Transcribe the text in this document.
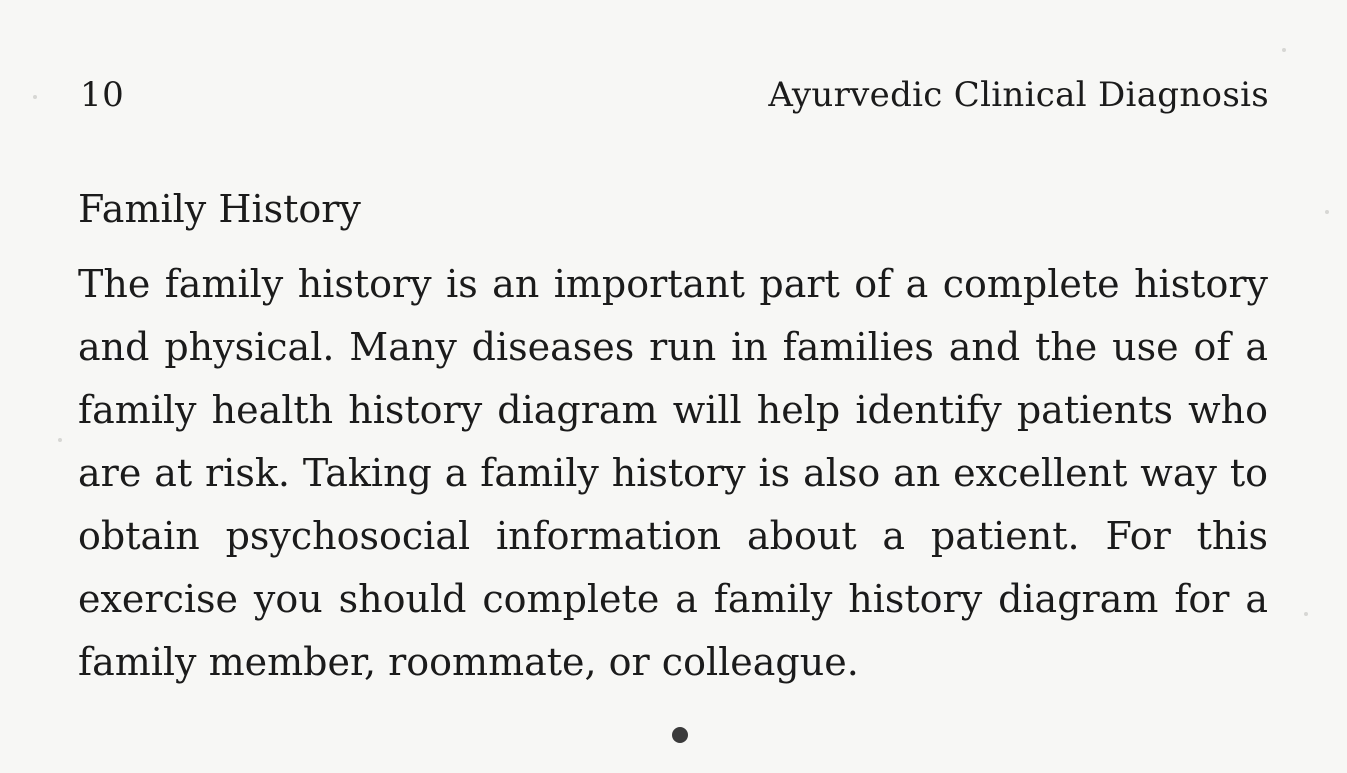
10	Ayurvedic Clinical Diagnosis
Family History

The family history is an important part of a complete history
and physical. Many diseases run in families and the use of a
family health history diagram will help identify patients who
are at risk. Taking a family history is also an excellent way to
obtain psychosocial information about a patient. For this
exercise you should complete a family history diagram for a
family member, roommate, or colleague.
